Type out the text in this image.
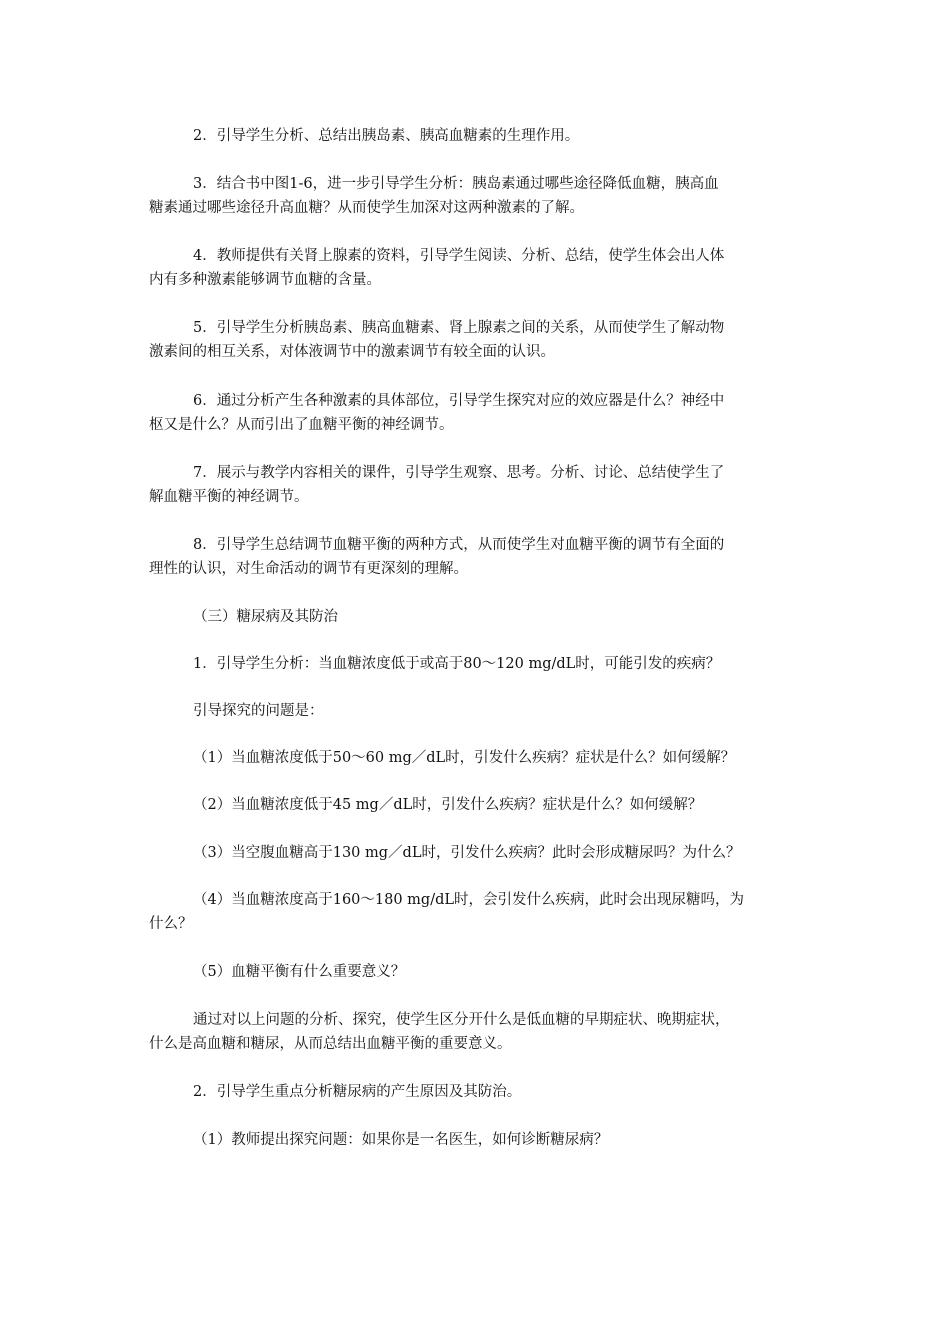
2．引导学生分析、总结出胰岛素、胰高血糖素的生理作用。

3．结合书中图1-6，进一步引导学生分析：胰岛素通过哪些途径降低血糖，胰高血
糖素通过哪些途径升高血糖？从而使学生加深对这两种激素的了解。

4．教师提供有关肾上腺素的资料，引导学生阅读、分析、总结，使学生体会出人体
内有多种激素能够调节血糖的含量。

5．引导学生分析胰岛素、胰高血糖素、肾上腺素之间的关系，从而使学生了解动物
激素间的相互关系，对体液调节中的激素调节有较全面的认识。

6．通过分析产生各种激素的具体部位，引导学生探究对应的效应器是什么？神经中
枢又是什么？从而引出了血糖平衡的神经调节。

7．展示与教学内容相关的课件，引导学生观察、思考。分析、讨论、总结使学生了
解血糖平衡的神经调节。

8．引导学生总结调节血糖平衡的两种方式，从而使学生对血糖平衡的调节有全面的
理性的认识，对生命活动的调节有更深刻的理解。

（三）糖尿病及其防治

1．引导学生分析：当血糖浓度低于或高于80～120 mg/dL时，可能引发的疾病？

引导探究的问题是：

（1）当血糖浓度低于50～60 mg／dL时，引发什么疾病？症状是什么？如何缓解？

（2）当血糖浓度低于45 mg／dL时，引发什么疾病？症状是什么？如何缓解？

（3）当空腹血糖高于130 mg／dL时，引发什么疾病？此时会形成糖尿吗？为什么？

（4）当血糖浓度高于160～180 mg/dL时，会引发什么疾病，此时会出现尿糖吗，为
什么？

（5）血糖平衡有什么重要意义？

通过对以上问题的分析、探究，使学生区分开什么是低血糖的早期症状、晚期症状，
什么是高血糖和糖尿，从而总结出血糖平衡的重要意义。

2．引导学生重点分析糖尿病的产生原因及其防治。

（1）教师提出探究问题：如果你是一名医生，如何诊断糖尿病？
